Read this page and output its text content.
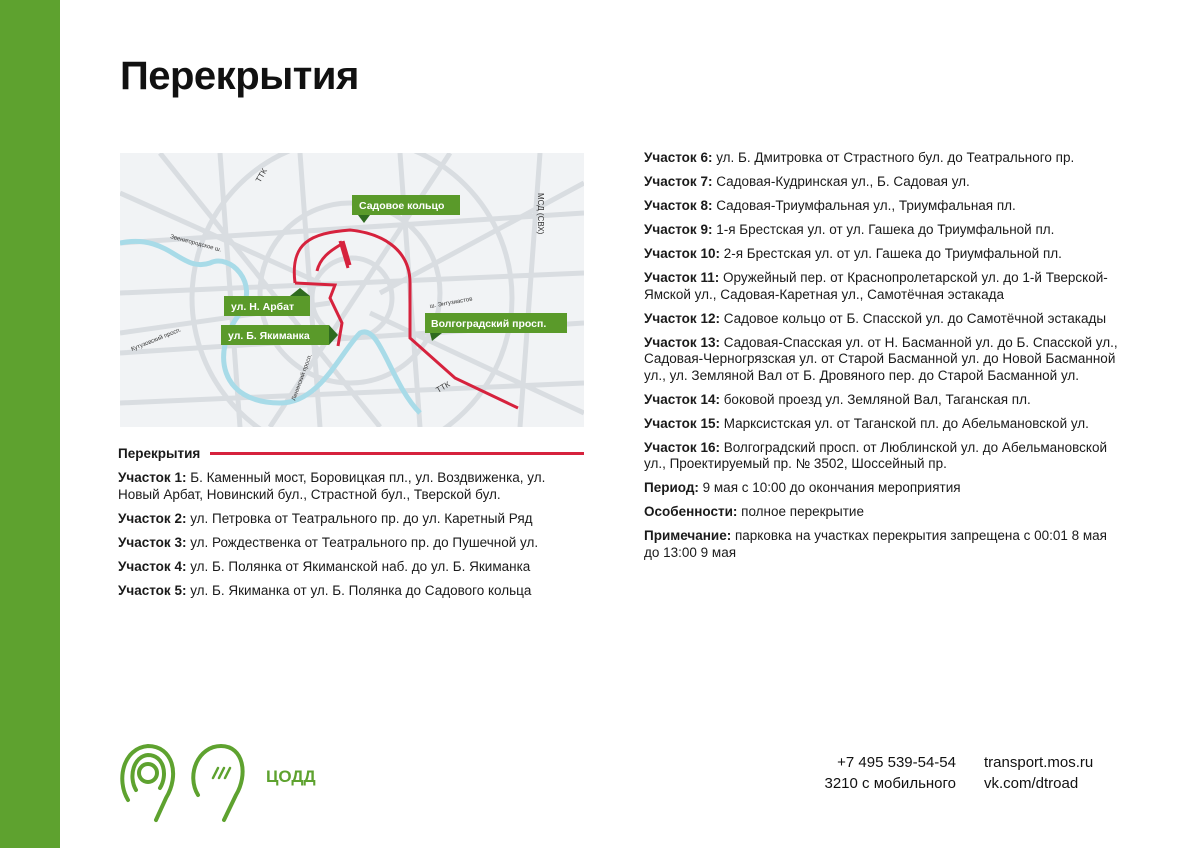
Перекрытия
ТТК
МСД (СВХ)
Звенигородское ш.
Кутузовский просп.
Ленинский просп.
ш. Энтузиастов
ТТК
Садовое кольцо
ул. Н. Арбат
ул. Б. Якиманка
Волгоградский просп.
Перекрытия
Участок 1: Б. Каменный мост, Боровицкая пл., ул. Воздвиженка, ул. Новый Арбат, Новинский бул., Страстной бул., Тверской бул.
Участок 2: ул. Петровка от Театрального пр. до ул. Каретный Ряд
Участок 3: ул. Рождественка от Театрального пр. до Пушечной ул.
Участок 4: ул. Б. Полянка от Якиманской наб. до ул. Б. Якиманка
Участок 5: ул. Б. Якиманка от ул. Б. Полянка до Садового кольца
Участок 6: ул. Б. Дмитровка от Страстного бул. до Театрального пр.
Участок 7: Садовая-Кудринская ул., Б. Садовая ул.
Участок 8: Садовая-Триумфальная ул., Триумфальная пл.
Участок 9: 1-я Брестская ул. от ул. Гашека до Триумфальной пл.
Участок 10: 2-я Брестская ул. от ул. Гашека до Триумфальной пл.
Участок 11: Оружейный пер. от Краснопролетарской ул. до 1-й Тверской-Ямской ул., Садовая-Каретная ул., Самотёчная эстакада
Участок 12: Садовое кольцо от Б. Спасской ул. до Самотёчной эстакады
Участок 13: Садовая-Спасская ул. от Н. Басманной ул. до Б. Спасской ул., Садовая-Черногрязская ул. от Старой Басманной ул. до Новой Басманной ул., ул. Земляной Вал от Б. Дровяного пер. до Старой Басманной ул.
Участок 14: боковой проезд ул. Земляной Вал, Таганская пл.
Участок 15: Марксистская ул. от Таганской пл. до Абельмановской ул.
Участок 16: Волгоградский просп. от Люблинской ул. до Абельмановской ул., Проектируемый пр. № 3502, Шоссейный пр.
Период: 9 мая с 10:00 до окончания мероприятия
Особенности: полное перекрытие
Примечание: парковка на участках перекрытия запрещена с 00:01 8 мая до 13:00 9 мая
ЦОДД
+7 495 539-54-54
3210 с мобильного
transport.mos.ru
vk.com/dtroad
